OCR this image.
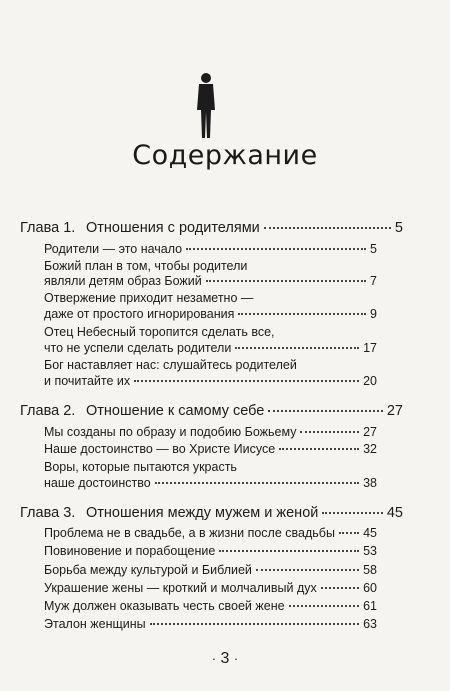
Содержание
Глава 1. Отношения с родителями	5
Родители — это начало	5
Божий план в том, чтобы родители
являли детям образ Божий	7
Отвержение приходит незаметно —
даже от простого игнорирования	9
Отец Небесный торопится сделать все,
что не успели сделать родители	17
Бог наставляет нас: слушайтесь родителей
и почитайте их	20
Глава 2. Отношение к самому себе	27
Мы созданы по образу и подобию Божьему	27
Наше достоинство — во Христе Иисусе	32
Воры, которые пытаются украсть
наше достоинство	38
Глава 3. Отношения между мужем и женой	45
Проблема не в свадьбе, а в жизни после свадьбы 45
Повиновение и порабощение	53
Борьба между культурой и Библией	58
Украшение жены — кроткий и молчаливый дух	60
Муж должен оказывать честь своей жене	61
Эталон женщины	63
· 3 ·
